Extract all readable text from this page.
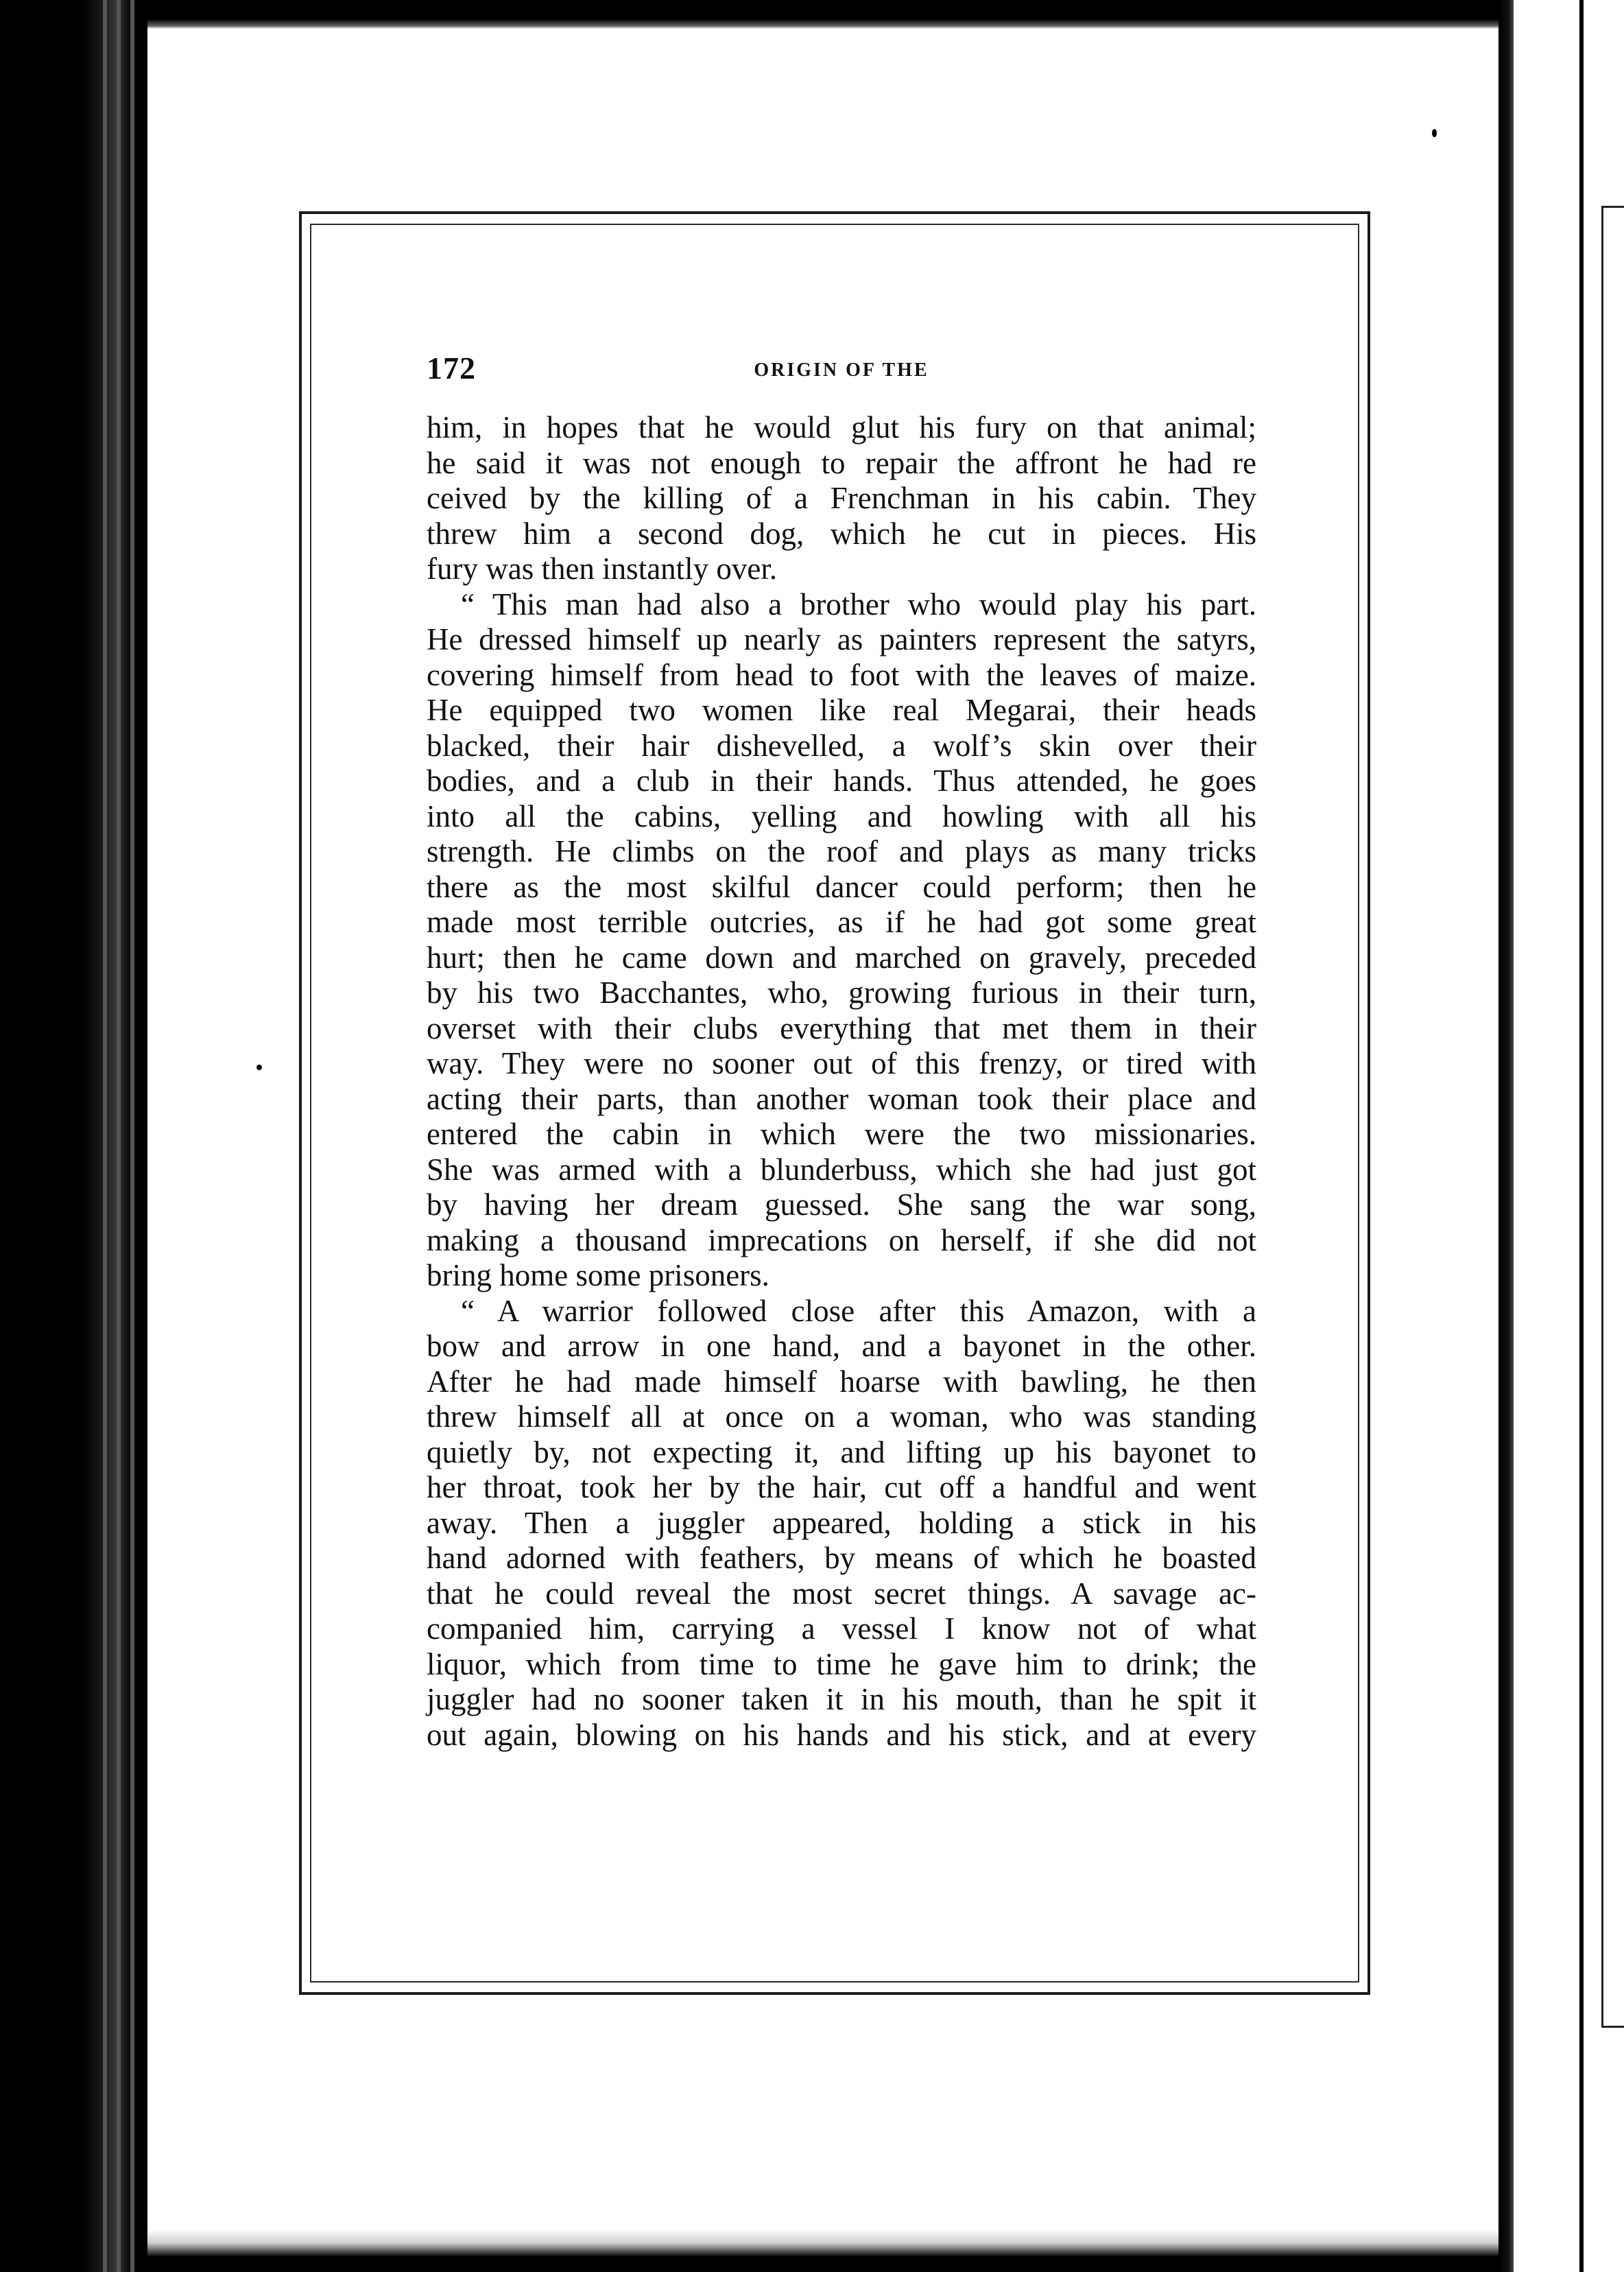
172	ORIGIN OF THE
him, in hopes that he would glut his fury on that animal;
he said it was not enough to repair the affront he had re
ceived by the killing of a Frenchman in his cabin. They
threw him a second dog, which he cut in pieces. His
fury was then instantly over.
“ This man had also a brother who would play his part.
He dressed himself up nearly as painters represent the satyrs,
covering himself from head to foot with the leaves of maize.
He equipped two women like real Megarai, their heads
blacked, their hair dishevelled, a wolf’s skin over their
bodies, and a club in their hands. Thus attended, he goes
into all the cabins, yelling and howling with all his
strength. He climbs on the roof and plays as many tricks
there as the most skilful dancer could perform; then he
made most terrible outcries, as if he had got some great
hurt; then he came down and marched on gravely, preceded
by his two Bacchantes, who, growing furious in their turn,
overset with their clubs everything that met them in their
way. They were no sooner out of this frenzy, or tired with
acting their parts, than another woman took their place and
entered the cabin in which were the two missionaries.
She was armed with a blunderbuss, which she had just got
by having her dream guessed. She sang the war song,
making a thousand imprecations on herself, if she did not
bring home some prisoners.
“ A warrior followed close after this Amazon, with a
bow and arrow in one hand, and a bayonet in the other.
After he had made himself hoarse with bawling, he then
threw himself all at once on a woman, who was standing
quietly by, not expecting it, and lifting up his bayonet to
her throat, took her by the hair, cut off a handful and went
away. Then a juggler appeared, holding a stick in his
hand adorned with feathers, by means of which he boasted
that he could reveal the most secret things. A savage ac-
companied him, carrying a vessel I know not of what
liquor, which from time to time he gave him to drink; the
juggler had no sooner taken it in his mouth, than he spit it
out again, blowing on his hands and his stick, and at every
